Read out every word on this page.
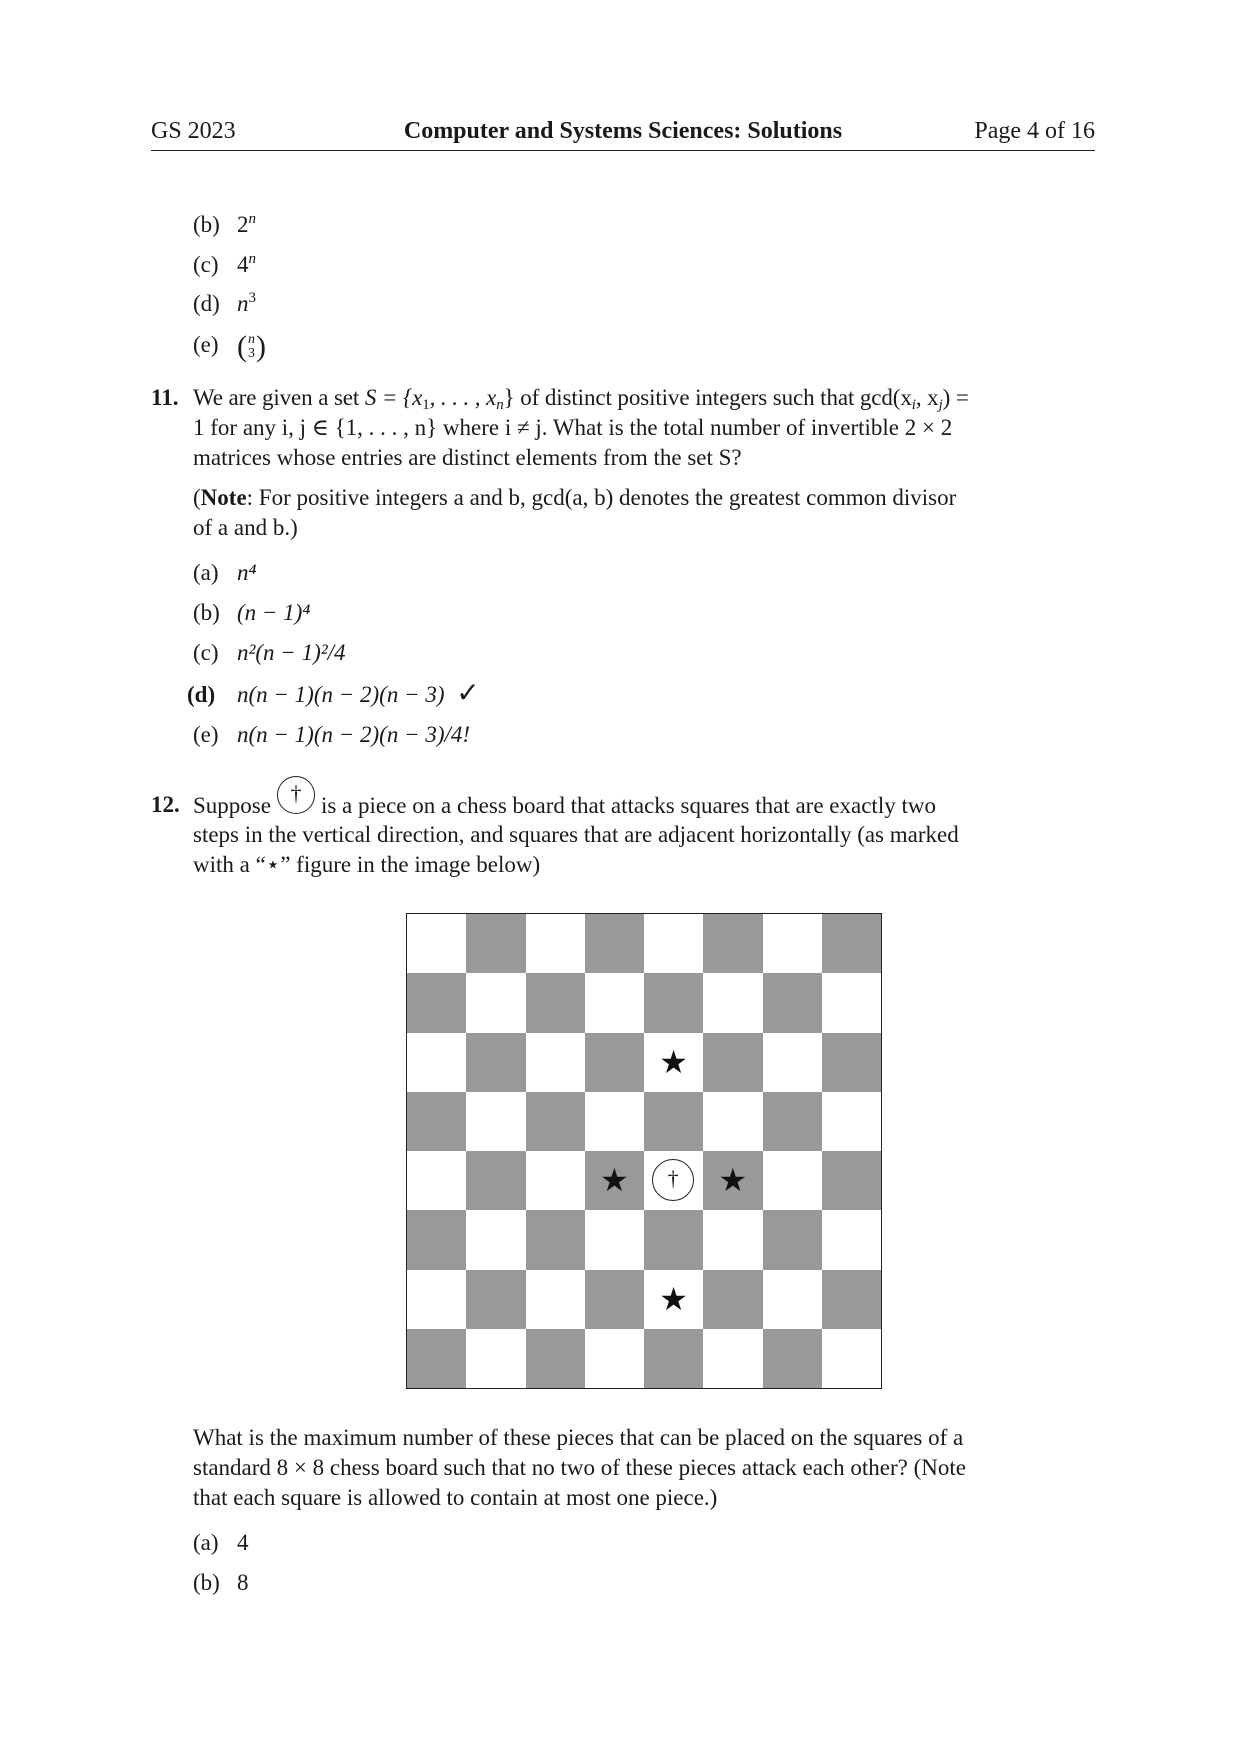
GS 2023	Computer and Systems Sciences: Solutions	Page 4 of 16
(b) 2$^n$
(c) 4$^n$
(d) $n^3$
(e) ( n
3 )
11. We are given a set $S = \{x_1$, . . . , $x_n$} of distinct positive integers such that $\gcd(x_i$, $x_j$) =
1 for any i, j ∈ {1, . . . , n} where i ≠ j. What is the total number of invertible 2 × 2
matrices whose entries are distinct elements from the set S?
(Note: For positive integers a and b, gcd(a, b) denotes the greatest common divisor
of a and b.)
(a) n⁴
(b) (n − 1)⁴
(c) n²(n − 1)²/4
(d) n(n − 1)(n − 2)(n − 3) ✓
(e) n(n − 1)(n − 2)(n − 3)/4!
12. Suppose † is a piece on a chess board that attacks squares that are exactly two
steps in the vertical direction, and squares that are adjacent horizontally (as marked
with a “⋆” figure in the image below)
★
★	★
★
†
What is the maximum number of these pieces that can be placed on the squares of a
standard 8 × 8 chess board such that no two of these pieces attack each other? (Note
that each square is allowed to contain at most one piece.)
(a) 4
(b) 8
